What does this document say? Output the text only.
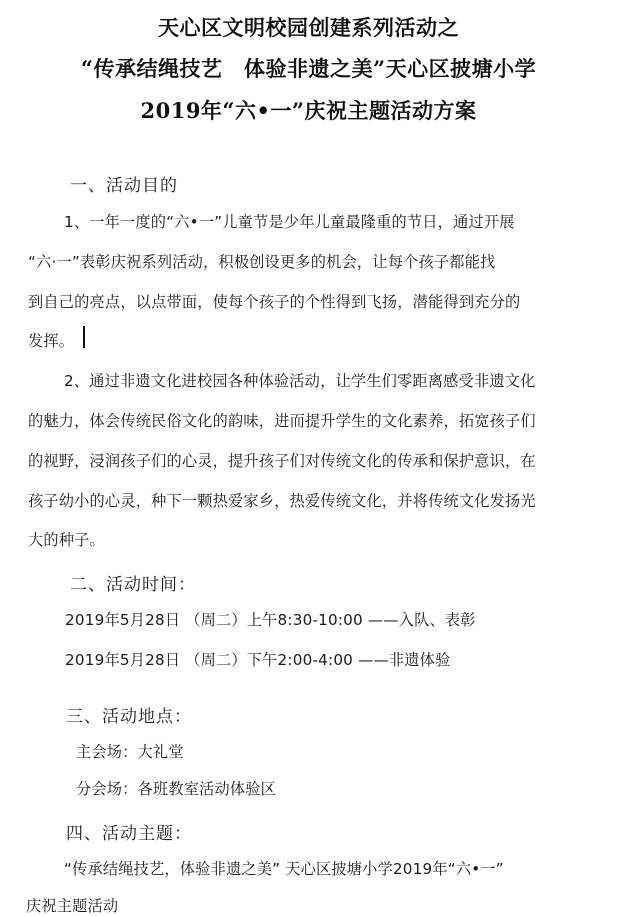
天心区文明校园创建系列活动之
“传承结绳技艺　体验非遗之美”天心区披塘小学
2019年“六•一”庆祝主题活动方案
一、活动目的
1、一年一度的“六•一”儿童节是少年儿童最隆重的节日，通过开展
“六·一”表彰庆祝系列活动，积极创设更多的机会，让每个孩子都能找
到自己的亮点，以点带面，使每个孩子的个性得到飞扬，潜能得到充分的
发挥。
2、通过非遗文化进校园各种体验活动，让学生们零距离感受非遗文化
的魅力，体会传统民俗文化的韵味，进而提升学生的文化素养，拓宽孩子们
的视野，浸润孩子们的心灵，提升孩子们对传统文化的传承和保护意识，在
孩子幼小的心灵，种下一颗热爱家乡，热爱传统文化，并将传统文化发扬光
大的种子。
二、活动时间：
2019年5月28日 （周二）上午8:30-10:00 ——入队、表彰
2019年5月28日 （周二）下午2:00-4:00 ——非遗体验
三、活动地点：
主会场：大礼堂
分会场：各班教室活动体验区
四、活动主题：
“传承结绳技艺，体验非遗之美” 天心区披塘小学2019年“六•一”
庆祝主题活动
